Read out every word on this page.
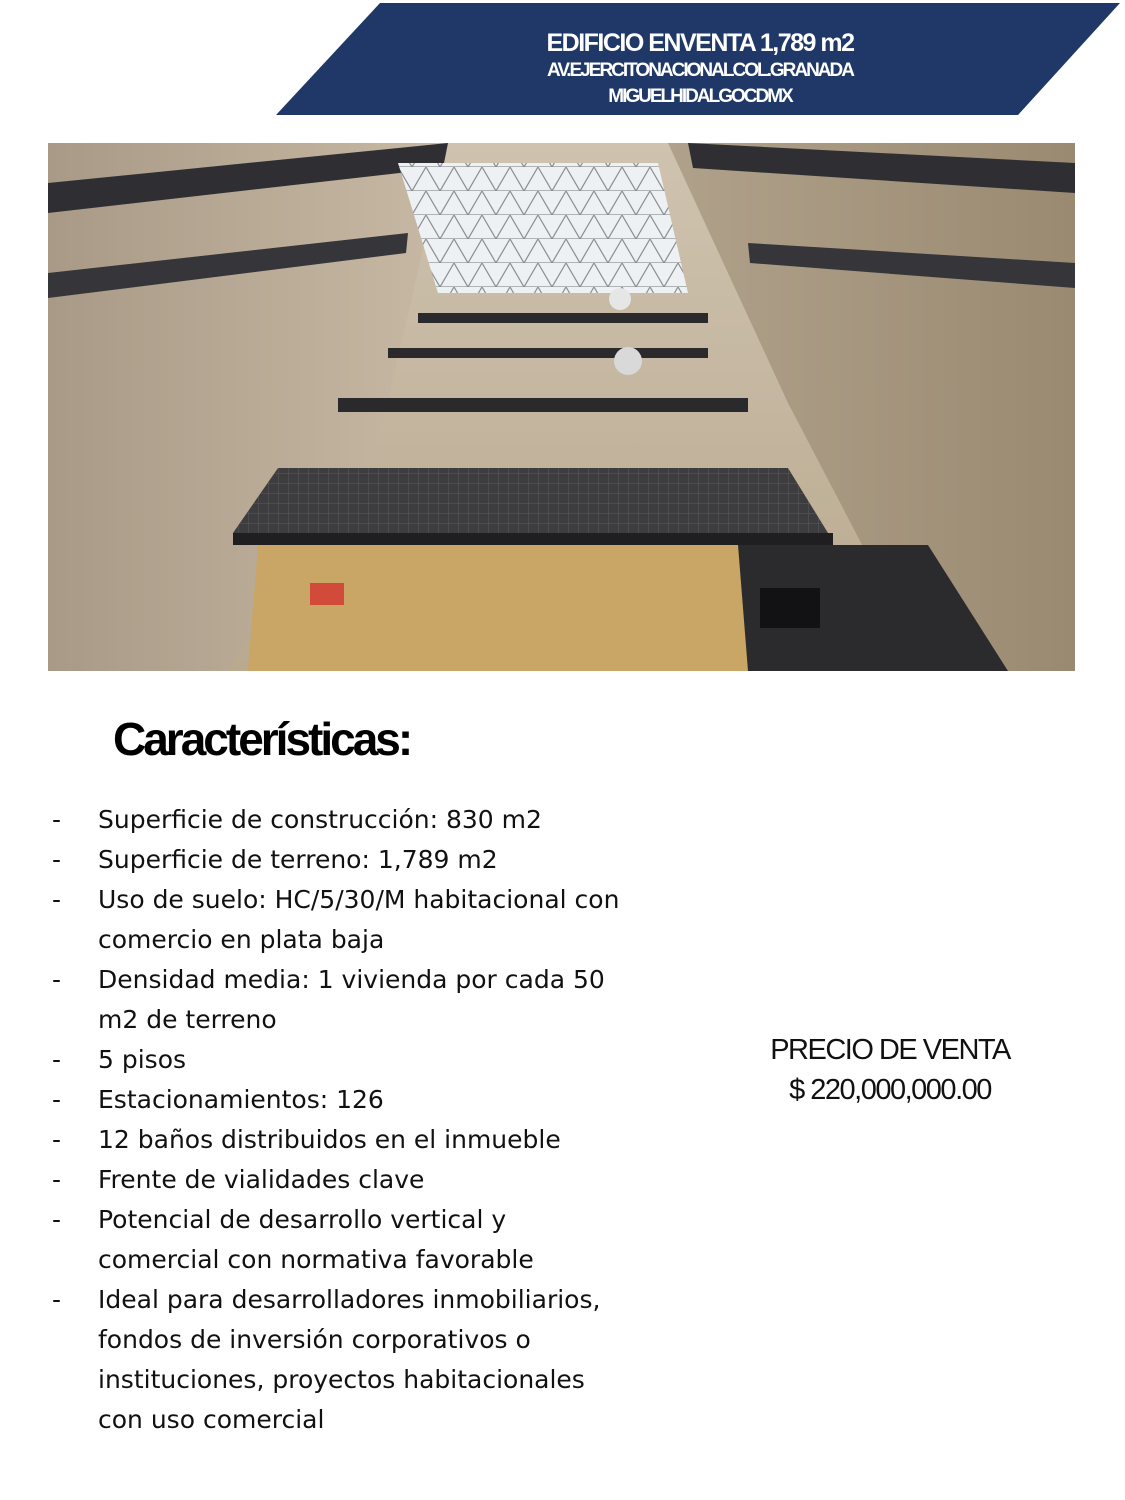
EDIFICIO ENVENTA 1,789 m2
AV.EJERCITONACIONALCOL.GRANADA
MIGUELHIDALGOCDMX
Características:
- Superficie de construcción: 830 m2
- Superficie de terreno: 1,789 m2
- Uso de suelo: HC/5/30/M habitacional con comercio en plata baja
- Densidad media: 1 vivienda por cada 50 m2 de terreno
- 5 pisos
- Estacionamientos: 126
- 12 baños distribuidos en el inmueble
- Frente de vialidades clave
- Potencial de desarrollo vertical y comercial con normativa favorable
- Ideal para desarrolladores inmobiliarios, fondos de inversión corporativos o instituciones, proyectos habitacionales con uso comercial
PRECIO DE VENTA
$ 220,000,000.00
